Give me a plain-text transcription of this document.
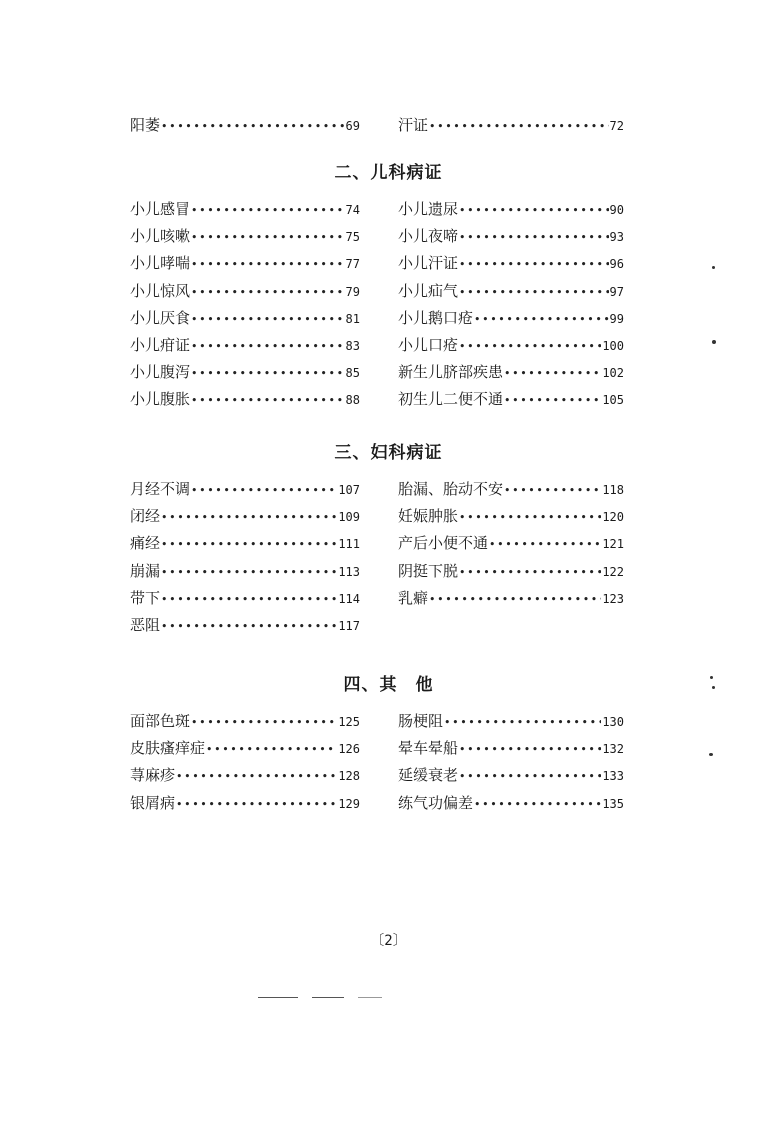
阳萎 •••••	69	汗证 •••••	72
二、儿科病证
小儿感冒 •••••	74
小儿咳嗽 •••••	75
小儿哮喘 •••••	77
小儿惊风 •••••	79
小儿厌食 •••••	81
小儿疳证 •••••	83
小儿腹泻 •••••	85
小儿腹胀 •••••	88
小儿遗尿 •••••	90
小儿夜啼 •••••	93
小儿汗证 •••••	96
小儿疝气 •••••	97
小儿鹅口疮 •••••	99
小儿口疮 •••••	100
新生儿脐部疾患 •••••	102
初生儿二便不通 •••••	105
三、妇科病证
月经不调 •••••	107
闭经 •••••	109
痛经 •••••	111
崩漏 •••••	113
带下 •••••	114
恶阻 •••••	117
胎漏、胎动不安 •••••	118
妊娠肿胀 •••••	120
产后小便不通 •••••	121
阴挺下脱 •••••	122
乳癖 •••••	123
四、其　他
面部色斑 •••••	125
皮肤瘙痒症 •••••	126
荨麻疹 •••••	128
银屑病 •••••	129
肠梗阻 •••••	130
晕车晕船 •••••	132
延缓衰老 •••••	133
练气功偏差 •••••	135
〔2〕
